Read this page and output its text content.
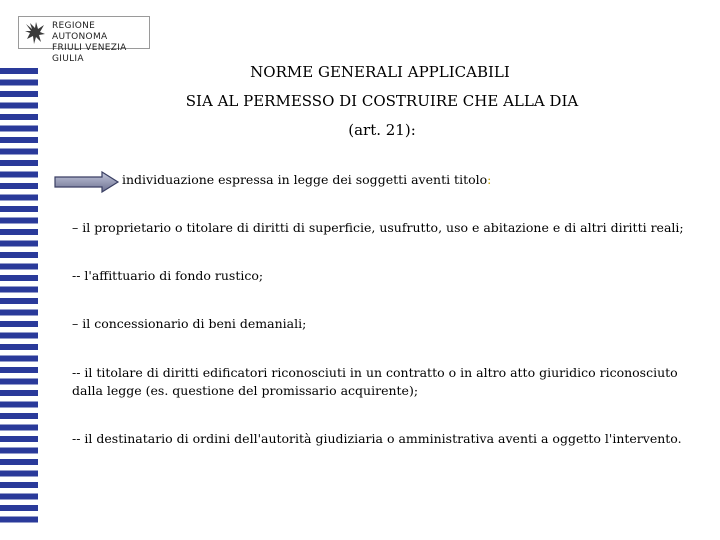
REGIONE AUTONOMA
FRIULI VENEZIA GIULIA
NORME GENERALI APPLICABILI
SIA AL PERMESSO DI COSTRUIRE CHE ALLA DIA
(art. 21):
individuazione espressa in legge dei soggetti aventi titolo:
– il proprietario o titolare di diritti di superficie, usufrutto, uso e abitazione e di altri diritti reali;
-- l'affittuario di fondo rustico;
– il concessionario di beni demaniali;
-- il titolare di diritti edificatori riconosciuti in un contratto o in altro atto giuridico riconosciuto dalla legge (es. questione del promissario acquirente);
-- il destinatario di ordini dell'autorità giudiziaria o amministrativa aventi a oggetto l'intervento.
